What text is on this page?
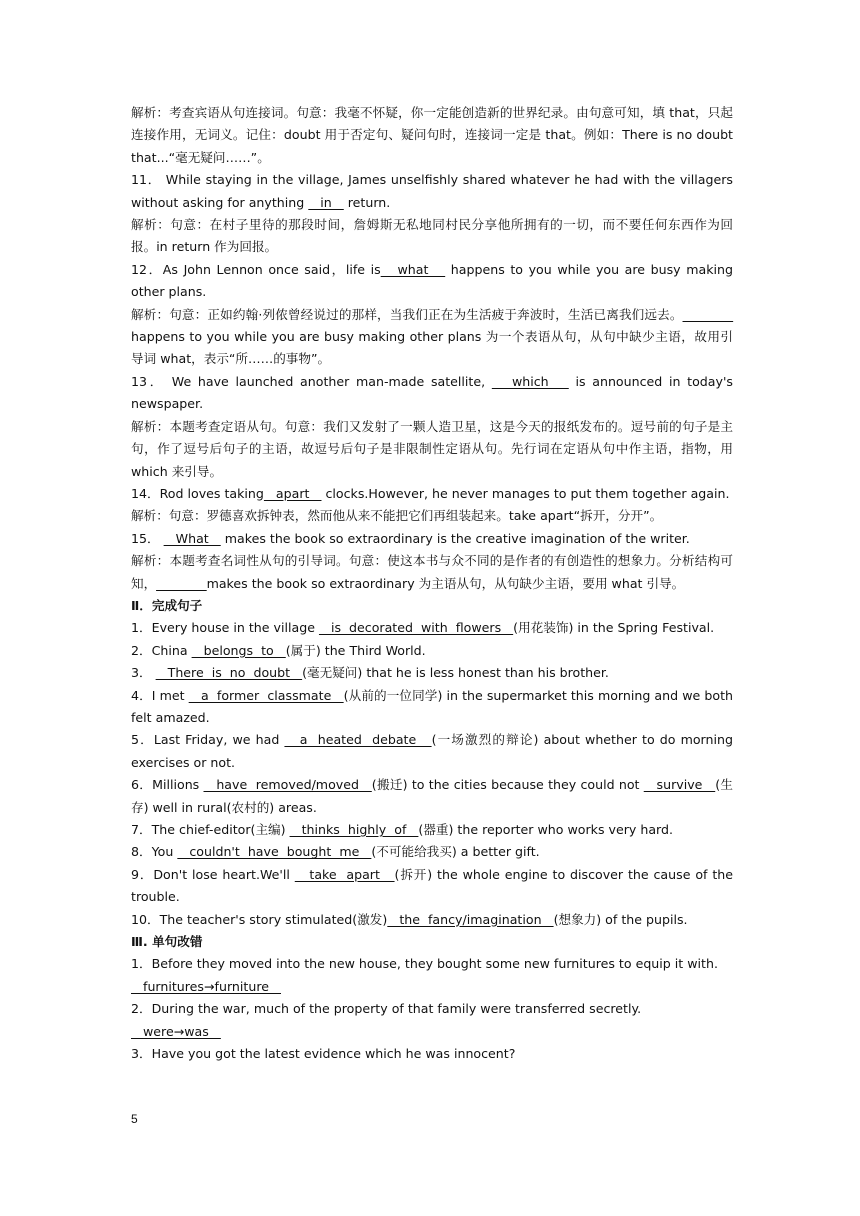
解析：考查宾语从句连接词。句意：我毫不怀疑，你一定能创造新的世界纪录。由句意可知，填 that，只起连接作用，无词义。记住：doubt 用于否定句、疑问句时，连接词一定是 that。例如：There is no doubt that...“毫无疑问……”。

11． While staying in the village, James unselfishly shared whatever he had with the villagers without asking for anything    in    return.

解析：句意：在村子里待的那段时间，詹姆斯无私地同村民分享他所拥有的一切，而不要任何东西作为回报。in return 作为回报。

12．As John Lennon once said，life is   what    happens to you while you are busy making other plans.

解析：句意：正如约翰·列侬曾经说过的那样，当我们正在为生活疲于奔波时，生活已离我们远去。________ happens to you while you are busy making other plans 为一个表语从句，从句中缺少主语，故用引导词 what，表示“所……的事物”。

13． We have launched another man-made satellite,    which    is announced in today's newspaper.

解析：本题考查定语从句。句意：我们又发射了一颗人造卫星，这是今天的报纸发布的。逗号前的句子是主句，作了逗号后句子的主语，故逗号后句子是非限制性定语从句。先行词在定语从句中作主语，指物，用 which 来引导。

14．Rod loves taking   apart    clocks.However, he never manages to put them together again.

解析：句意：罗德喜欢拆钟表，然而他从来不能把它们再组装起来。take apart“拆开，分开”。

15．    What    makes the book so extraordinary is the creative imagination of the writer.

解析：本题考查名词性从句的引导词。句意：使这本书与众不同的是作者的有创造性的想象力。分析结构可知，________makes the book so extraordinary 为主语从句，从句缺少主语，要用 what 引导。

Ⅱ．完成句子

1．Every house in the village    is  decorated  with  flowers   (用花装饰) in the Spring Festival.

2．China    belongs  to   (属于) the Third World.

3．    There  is  no  doubt   (毫无疑问) that he is less honest than his brother.

4．I met    a  former  classmate   (从前的一位同学) in the supermarket this morning and we both felt amazed.

5．Last Friday, we had    a  heated  debate   (一场激烈的辩论) about whether to do morning exercises or not.

6．Millions    have  removed/moved   (搬迁) to the cities because they could not    survive   (生存) well in rural(农村的) areas.

7．The chief-editor(主编)    thinks  highly  of   (器重) the reporter who works very hard.

8．You    couldn't  have  bought  me   (不可能给我买) a better gift.

9．Don't lose heart.We'll    take  apart   (拆开) the whole engine to discover the cause of the trouble.

10．The teacher's story stimulated(激发)   the  fancy/imagination   (想象力) of the pupils.

Ⅲ. 单句改错

1．Before they moved into the new house, they bought some new furnitures to equip it with.

furnitures→furniture

2．During the war, much of the property of that family were transferred secretly.

were→was

3．Have you got the latest evidence which he was innocent?

5
